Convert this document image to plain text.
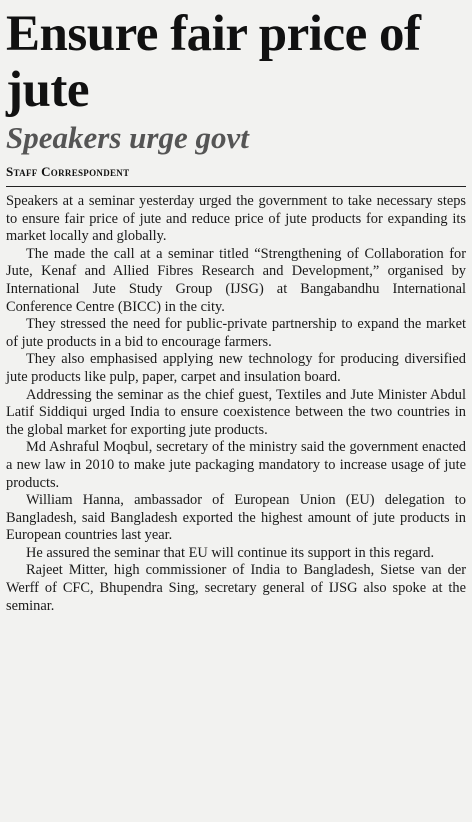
Ensure fair price of jute
Speakers urge govt
Staff Correspondent

Speakers at a seminar yesterday urged the government to take necessary steps to ensure fair price of jute and reduce price of jute products for expanding its market locally and globally.

The made the call at a seminar titled “Strengthening of Collaboration for Jute, Kenaf and Allied Fibres Research and Development,” organised by International Jute Study Group (IJSG) at Bangabandhu International Conference Centre (BICC) in the city.

They stressed the need for public-private partnership to expand the market of jute products in a bid to encourage farmers.

They also emphasised applying new technology for producing diversified jute products like pulp, paper, carpet and insulation board.

Addressing the seminar as the chief guest, Textiles and Jute Minister Abdul Latif Siddiqui urged India to ensure coexistence between the two countries in the global market for exporting jute products.

Md Ashraful Moqbul, secretary of the ministry said the government enacted a new law in 2010 to make jute packaging mandatory to increase usage of jute products.

William Hanna, ambassador of European Union (EU) delegation to Bangladesh, said Bangladesh exported the highest amount of jute products in European countries last year.

He assured the seminar that EU will continue its support in this regard.

Rajeet Mitter, high commissioner of India to Bangladesh, Sietse van der Werff of CFC, Bhupendra Sing, secretary general of IJSG also spoke at the seminar.
